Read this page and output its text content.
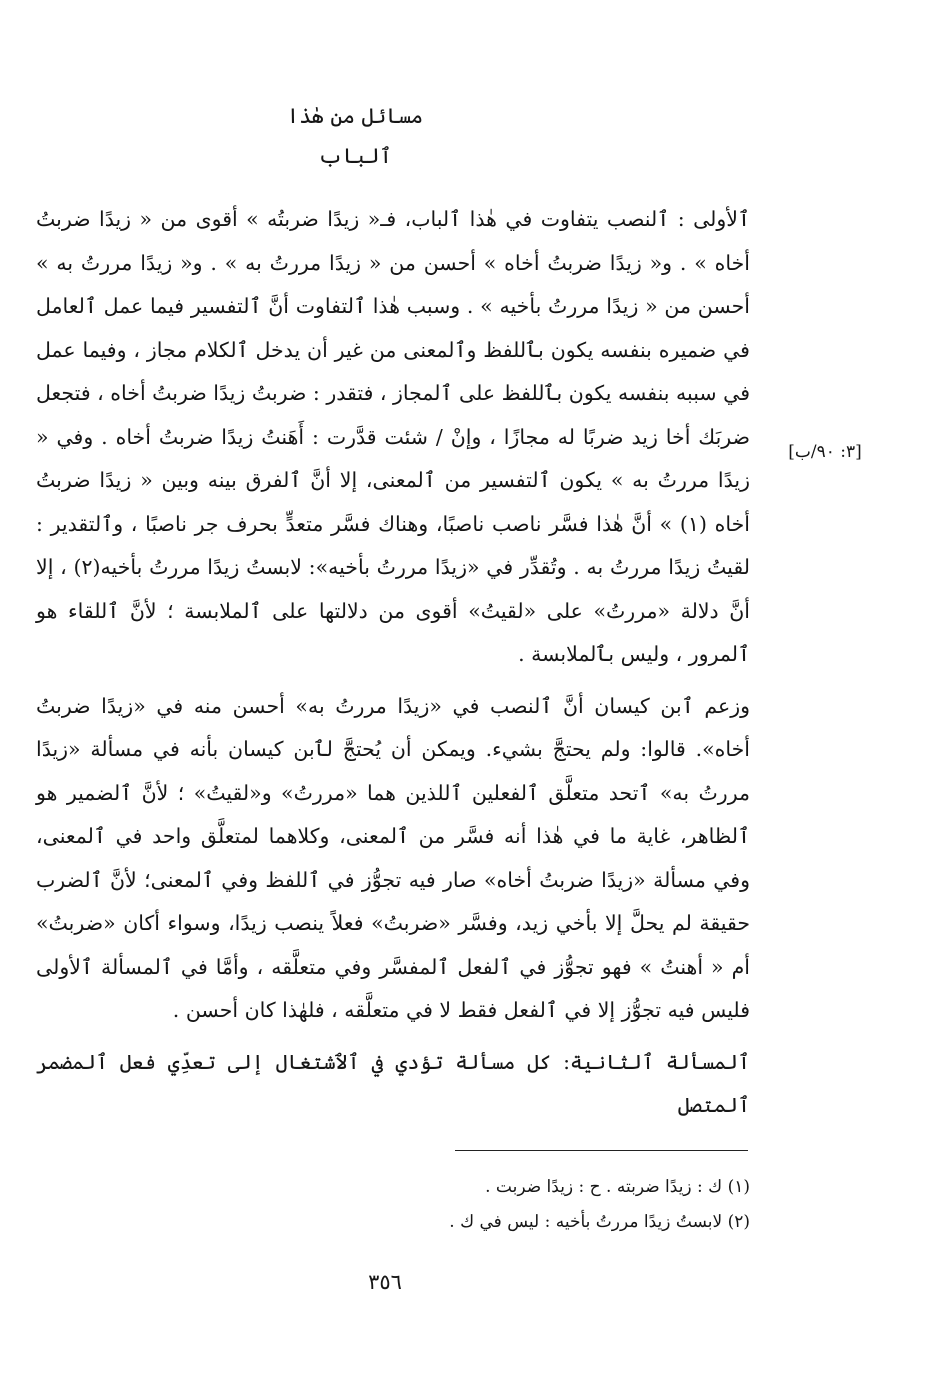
مسائل من هٰذا ٱلباب
[٣: ٩٠/ب]

ٱلأولى : ٱلنصب يتفاوت في هٰذا ٱلباب، فـ« زيدًا ضربتُه » أقوى من « زيدًا ضربتُ أخاه » . و« زيدًا ضربتُ أخاه » أحسن من « زيدًا مررتُ به » . و« زيدًا مررتُ به » أحسن من « زيدًا مررتُ بأخيه » . وسبب هٰذا ٱلتفاوت أنَّ ٱلتفسير فيما عمل ٱلعامل في ضميره بنفسه يكون بٱللفظ وٱلمعنى من غير أن يدخل ٱلكلام مجاز ، وفيما عمل في سببه بنفسه يكون بٱللفظ على ٱلمجاز ، فتقدر : ضربتُ زيدًا ضربتُ أخاه ، فتجعل ضربَك أخا زيد ضربًا له مجازًا ، وإنْ / شئت قدَّرت : أَهَنتُ زيدًا ضربتُ أخاه . وفي « زيدًا مررتُ به » يكون ٱلتفسير من ٱلمعنى، إلا أنَّ ٱلفرق بينه وبين « زيدًا ضربتُ أخاه (١) » أنَّ هٰذا فسَّر ناصب ناصبًا، وهناك فسَّر متعدٍّ بحرف جر ناصبًا ، وٱلتقدير : لقيتُ زيدًا مررتُ به . وتُقدِّر في «زيدًا مررتُ بأخيه»: لابستُ زيدًا مررتُ بأخيه(٢) ، إلا أنَّ دلالة «مررتُ» على «لقيتُ» أقوى من دلالتها على ٱلملابسة ؛ لأنَّ ٱللقاء هو ٱلمرور ، وليس بٱلملابسة .

وزعم ٱبن كيسان أنَّ ٱلنصب في «زيدًا مررتُ به» أحسن منه في «زيدًا ضربتُ أخاه». قالوا: ولم يحتجَّ بشيء. ويمكن أن يُحتجَّ لٱبن كيسان بأنه في مسألة «زيدًا مررتُ به» ٱتحد متعلَّق ٱلفعلين ٱللذين هما «مررتُ» و«لقيتُ» ؛ لأنَّ ٱلضمير هو ٱلظاهر، غاية ما في هٰذا أنه فسَّر من ٱلمعنى، وكلاهما لمتعلَّق واحد في ٱلمعنى، وفي مسألة «زيدًا ضربتُ أخاه» صار فيه تجوُّز في ٱللفظ وفي ٱلمعنى؛ لأنَّ ٱلضرب حقيقة لم يحلَّ إلا بأخي زيد، وفسَّر «ضربتُ» فعلاً ينصب زيدًا، وسواء أكان «ضربتُ» أم « أهنتُ » فهو تجوُّز في ٱلفعل ٱلمفسَّر وفي متعلَّقه ، وأمَّا في ٱلمسألة ٱلأولى فليس فيه تجوُّز إلا في ٱلفعل فقط لا في متعلَّقه ، فلهٰذا كان أحسن .

ٱلمسألة ٱلثانية: كل مسألة تؤدي في ٱلٱشتغال إلى تعدِّي فعل ٱلمضمر ٱلمتصل

(١) ك : زيدًا ضربته . ح : زيدًا ضربت .

(٢) لابستُ زيدًا مررتُ بأخيه : ليس في ك .

٣٥٦
